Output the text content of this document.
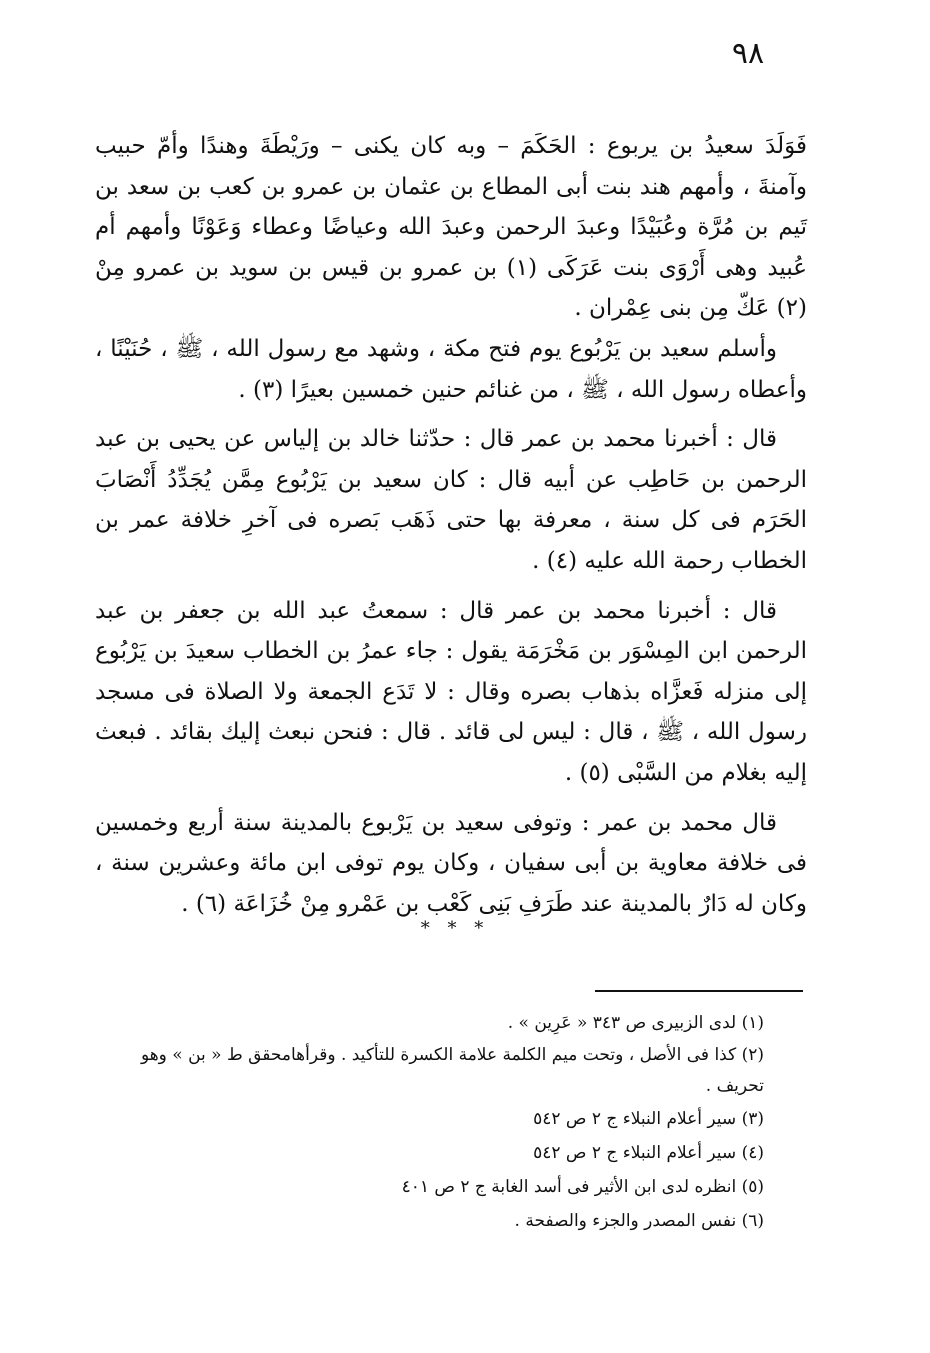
٩٨

فَوَلَدَ سعيدُ بن يربوع : الحَكَمَ – وبه كان يكنى – ورَيْطَةَ وهندًا وأمّ حبيب وآمنةَ ، وأمهم هند بنت أبى المطاع بن عثمان بن عمرو بن كعب بن سعد بن تَيم بن مُرَّة وعُبَيْدًا وعبدَ الرحمن وعبدَ الله وعياضًا وعطاء وَعَوْنًا وأمهم أم عُبيد وهى أَرْوَى بنت عَرَكَى (١) بن عمرو بن قيس بن سويد بن عمرو مِنْ (٢) عَكّ مِن بنى عِمْران .

وأسلم سعيد بن يَرْبُوع يوم فتح مكة ، وشهد مع رسول الله ، ﷺ ، حُنَيْنًا ، وأعطاه رسول الله ، ﷺ ، من غنائم حنين خمسين بعيرًا (٣) .

قال : أخبرنا محمد بن عمر قال : حدّثنا خالد بن إلياس عن يحيى بن عبد الرحمن بن حَاطِب عن أبيه قال : كان سعيد بن يَرْبُوع مِمَّن يُجَدِّدُ أَنْصَابَ الحَرَم فى كل سنة ، معرفة بها حتى ذَهَب بَصره فى آخرِ خلافة عمر بن الخطاب رحمة الله عليه (٤) .

قال : أخبرنا محمد بن عمر قال : سمعتُ عبد الله بن جعفر بن عبد الرحمن ابن المِسْوَر بن مَخْرَمَة يقول : جاء عمرُ بن الخطاب سعيدَ بن يَرْبُوع إلى منزله فَعزَّاه بذهاب بصره وقال : لا تَدَع الجمعة ولا الصلاة فى مسجد رسول الله ، ﷺ ، قال : ليس لى قائد . قال : فنحن نبعث إليك بقائد . فبعث إليه بغلام من السَّبْى (٥) .

قال محمد بن عمر : وتوفى سعيد بن يَرْبوع بالمدينة سنة أربع وخمسين فى خلافة معاوية بن أبى سفيان ، وكان يوم توفى ابن مائة وعشرين سنة ، وكان له دَارٌ بالمدينة عند طَرَفِ بَنِى كَعْب بن عَمْرو مِنْ خُزَاعَة (٦) .

* * *

(١) لدى الزبيرى ص ٣٤٣ « عَرِين » .

(٢) كذا فى الأصل ، وتحت ميم الكلمة علامة الكسرة للتأكيد . وقرأهامحقق ط « بن » وهو تحريف .

(٣) سير أعلام النبلاء ج ٢ ص ٥٤٢

(٤) سير أعلام النبلاء ج ٢ ص ٥٤٢

(٥) انظره لدى ابن الأثير فى أسد الغابة ج ٢ ص ٤٠١

(٦) نفس المصدر والجزء والصفحة .
